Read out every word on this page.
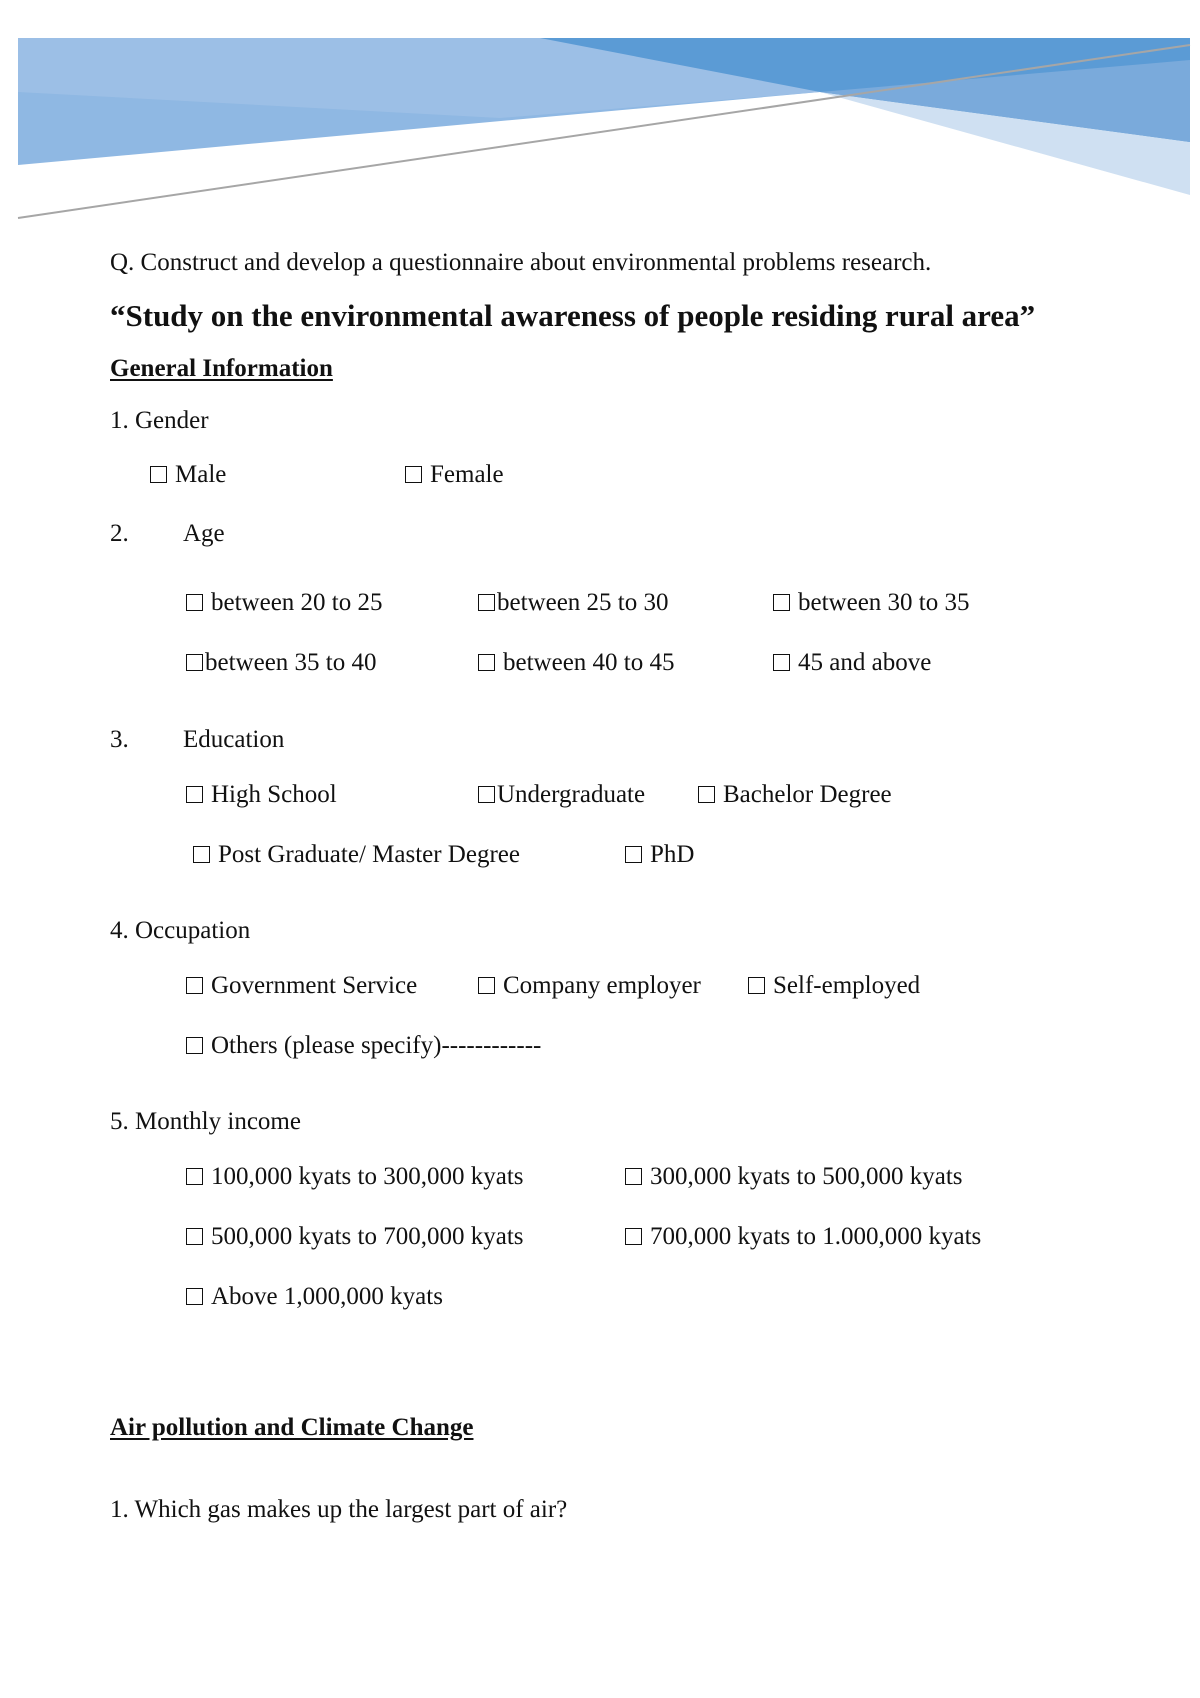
Q. Construct and develop a questionnaire about environmental problems research.
“Study on the environmental awareness of people residing rural area”
General Information
1. Gender
Male	Female
2. Age
between 20 to 25	between 25 to 30	between 30 to 35
between 35 to 40	between 40 to 45	45 and above
3. Education
High School	Undergraduate	Bachelor Degree
Post Graduate/ Master Degree	PhD
4. Occupation
Government Service	Company employer	Self-employed
Others (please specify)------------
5. Monthly income
100,000 kyats to 300,000 kyats	300,000 kyats to 500,000 kyats
500,000 kyats to 700,000 kyats	700,000 kyats to 1.000,000 kyats
Above 1,000,000 kyats
Air pollution and Climate Change
1. Which gas makes up the largest part of air?
